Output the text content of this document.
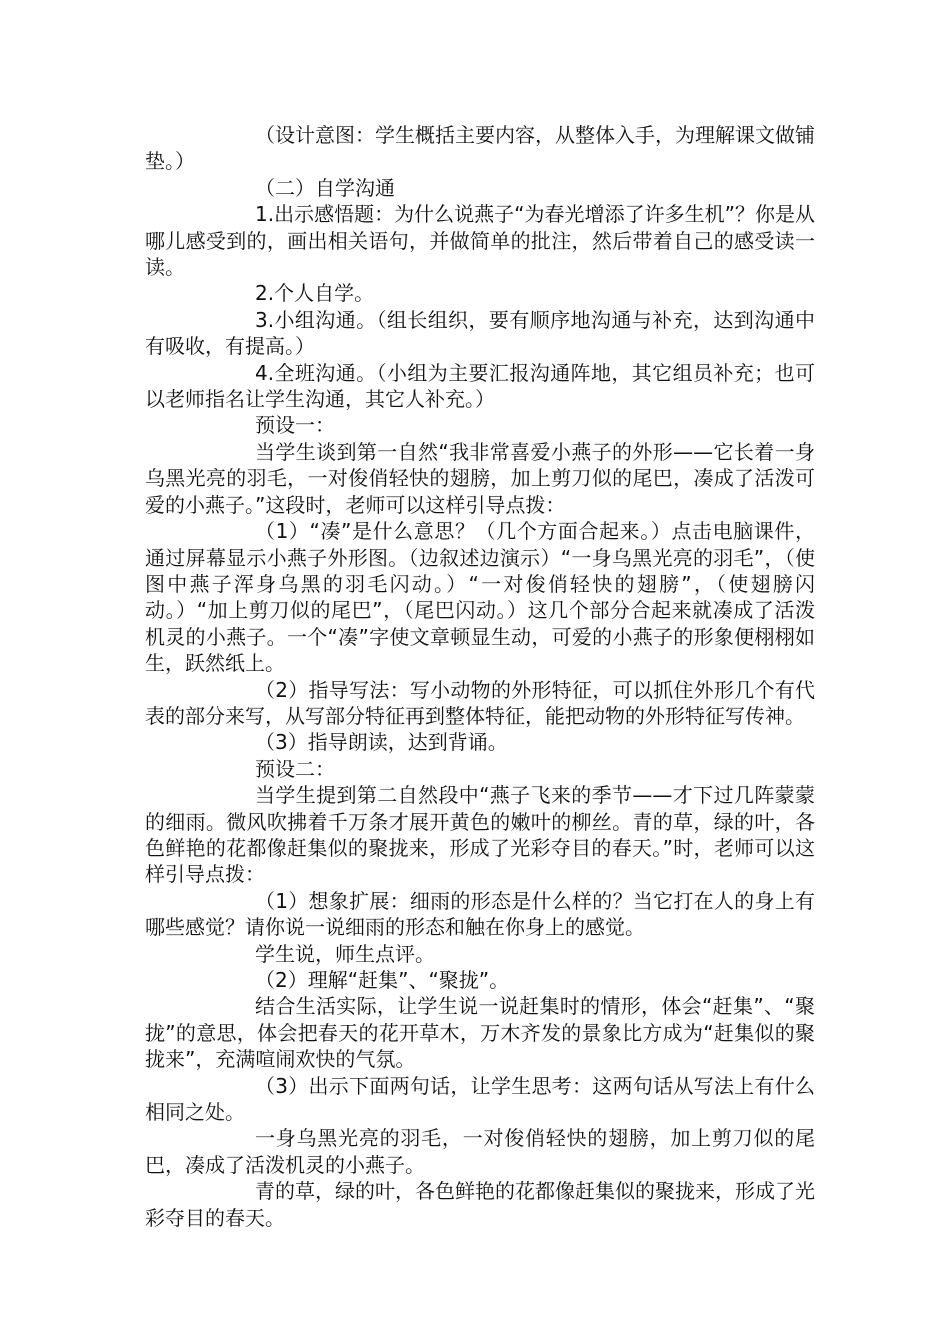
（设计意图：学生概括主要内容，从整体入手，为理解课文做铺垫。）

（二）自学沟通

1.出示感悟题：为什么说燕子“为春光增添了许多生机”？你是从哪儿感受到的，画出相关语句，并做简单的批注，然后带着自己的感受读一读。

2.个人自学。

3.小组沟通。（组长组织，要有顺序地沟通与补充，达到沟通中有吸收，有提高。）

4.全班沟通。（小组为主要汇报沟通阵地，其它组员补充；也可以老师指名让学生沟通，其它人补充。）

预设一：

当学生谈到第一自然“我非常喜爱小燕子的外形——它长着一身乌黑光亮的羽毛，一对俊俏轻快的翅膀，加上剪刀似的尾巴，凑成了活泼可爱的小燕子。”这段时，老师可以这样引导点拨：

（1）“凑”是什么意思？（几个方面合起来。）点击电脑课件，通过屏幕显示小燕子外形图。（边叙述边演示）“一身乌黑光亮的羽毛”，（使图中燕子浑身乌黑的羽毛闪动。）“一对俊俏轻快的翅膀”，（使翅膀闪动。）“加上剪刀似的尾巴”，（尾巴闪动。）这几个部分合起来就凑成了活泼机灵的小燕子。一个“凑”字使文章顿显生动，可爱的小燕子的形象便栩栩如生，跃然纸上。

（2）指导写法：写小动物的外形特征，可以抓住外形几个有代表的部分来写，从写部分特征再到整体特征，能把动物的外形特征写传神。

（3）指导朗读，达到背诵。

预设二：

当学生提到第二自然段中“燕子飞来的季节——才下过几阵蒙蒙的细雨。微风吹拂着千万条才展开黄色的嫩叶的柳丝。青的草，绿的叶，各色鲜艳的花都像赶集似的聚拢来，形成了光彩夺目的春天。”时，老师可以这样引导点拨：

（1）想象扩展：细雨的形态是什么样的？当它打在人的身上有哪些感觉？请你说一说细雨的形态和触在你身上的感觉。

学生说，师生点评。

（2）理解“赶集”、“聚拢”。

结合生活实际，让学生说一说赶集时的情形，体会“赶集”、“聚拢”的意思，体会把春天的花开草木，万木齐发的景象比方成为“赶集似的聚拢来”，充满喧闹欢快的气氛。

（3）出示下面两句话，让学生思考：这两句话从写法上有什么相同之处。

一身乌黑光亮的羽毛，一对俊俏轻快的翅膀，加上剪刀似的尾巴，凑成了活泼机灵的小燕子。

青的草，绿的叶，各色鲜艳的花都像赶集似的聚拢来，形成了光彩夺目的春天。
